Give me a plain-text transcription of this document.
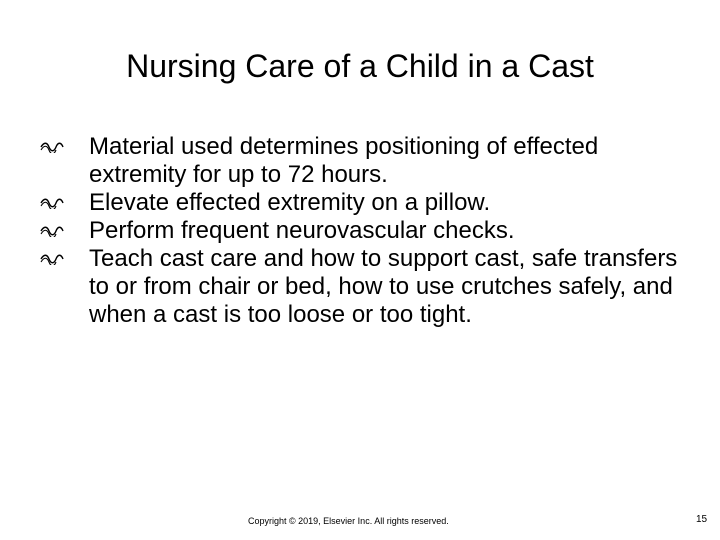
Nursing Care of a Child in a Cast
Material used determines positioning of effected extremity for up to 72 hours.
Elevate effected extremity on a pillow.
Perform frequent neurovascular checks.
Teach cast care and how to support cast, safe transfers to or from chair or bed, how to use crutches safely, and when a cast is too loose or too tight.
Copyright © 2019, Elsevier Inc. All rights reserved.	15
